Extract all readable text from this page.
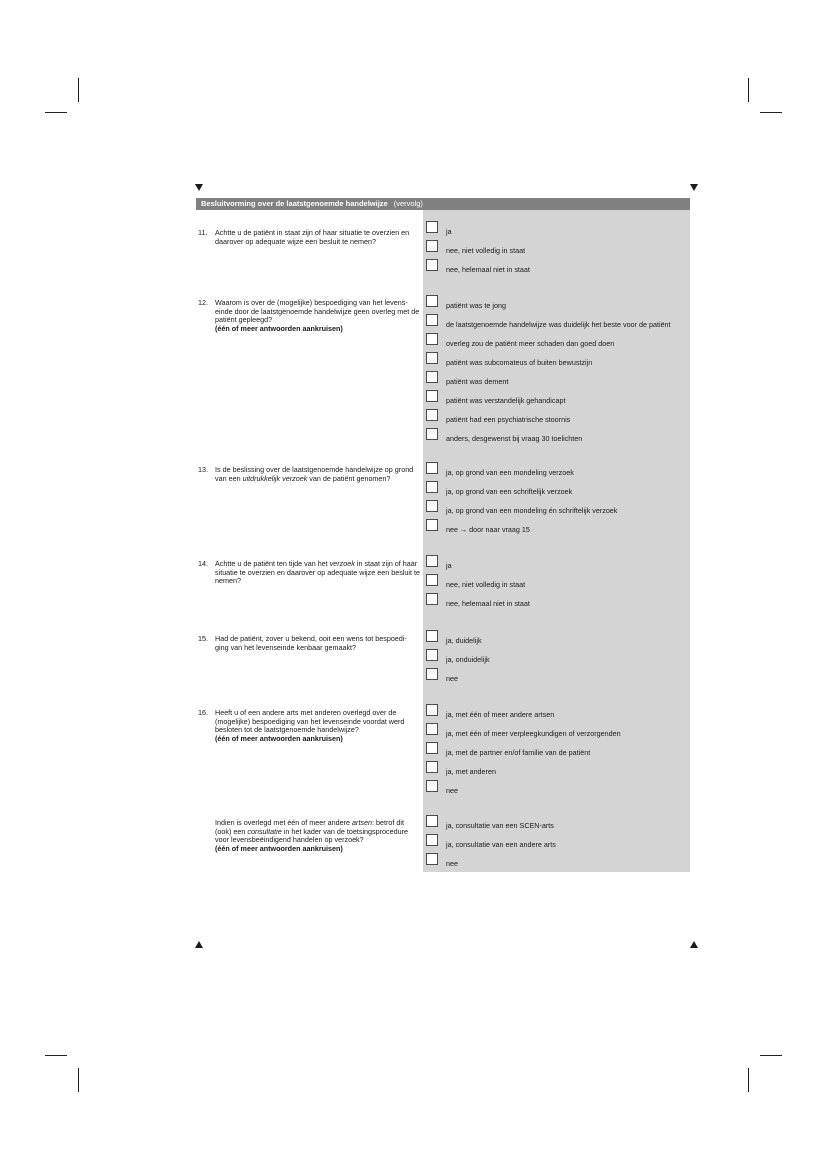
Besluitvorming over de laatstgenoemde handelwijze (vervolg)
11. Achtte u de patiënt in staat zijn of haar situatie te overzien en daarover op adequate wijze een besluit te nemen?
ja
nee, niet volledig in staat
nee, helemaal niet in staat
12. Waarom is over de (mogelijke) bespoediging van het levens-einde door de laatstgenoemde handelwijze geen overleg met de patiënt gepleegd?
(één of meer antwoorden aankruisen)
patiënt was te jong
de laatstgenoemde handelwijze was duidelijk het beste voor de patiënt
overleg zou de patiënt meer schaden dan goed doen
patiënt was subcomateus of buiten bewustzijn
patiënt was dement
patiënt was verstandelijk gehandicapt
patiënt had een psychiatrische stoornis
anders, desgewenst bij vraag 30 toelichten
13. Is de beslissing over de laatstgenoemde handelwijze op grond van een uitdrukkelijk verzoek van de patiënt genomen?
ja, op grond van een mondeling verzoek
ja, op grond van een schriftelijk verzoek
ja, op grond van een mondeling én schriftelijk verzoek
nee → door naar vraag 15
14. Achtte u de patiënt ten tijde van het verzoek in staat zijn of haar situatie te overzien en daarover op adequate wijze een besluit te nemen?
ja
nee, niet volledig in staat
nee, helemaal niet in staat
15. Had de patiënt, zover u bekend, ooit een wens tot bespoedi-ging van het levenseinde kenbaar gemaakt?
ja, duidelijk
ja, onduidelijk
nee
16. Heeft u of een andere arts met anderen overlegd over de (mogelijke) bespoediging van het levenseinde voordat werd besloten tot de laatstgenoemde handelwijze?
(één of meer antwoorden aankruisen)
ja, met één of meer andere artsen
ja, met één of meer verpleegkundigen of verzorgenden
ja, met de partner en/of familie van de patiënt
ja, met anderen
nee
Indien is overlegd met één of meer andere artsen: betrof dit (ook) een consultatie in het kader van de toetsingsprocedure voor levensbeëindigend handelen op verzoek?
(één of meer antwoorden aankruisen)
ja, consultatie van een SCEN-arts
ja, consultatie van een andere arts
nee
